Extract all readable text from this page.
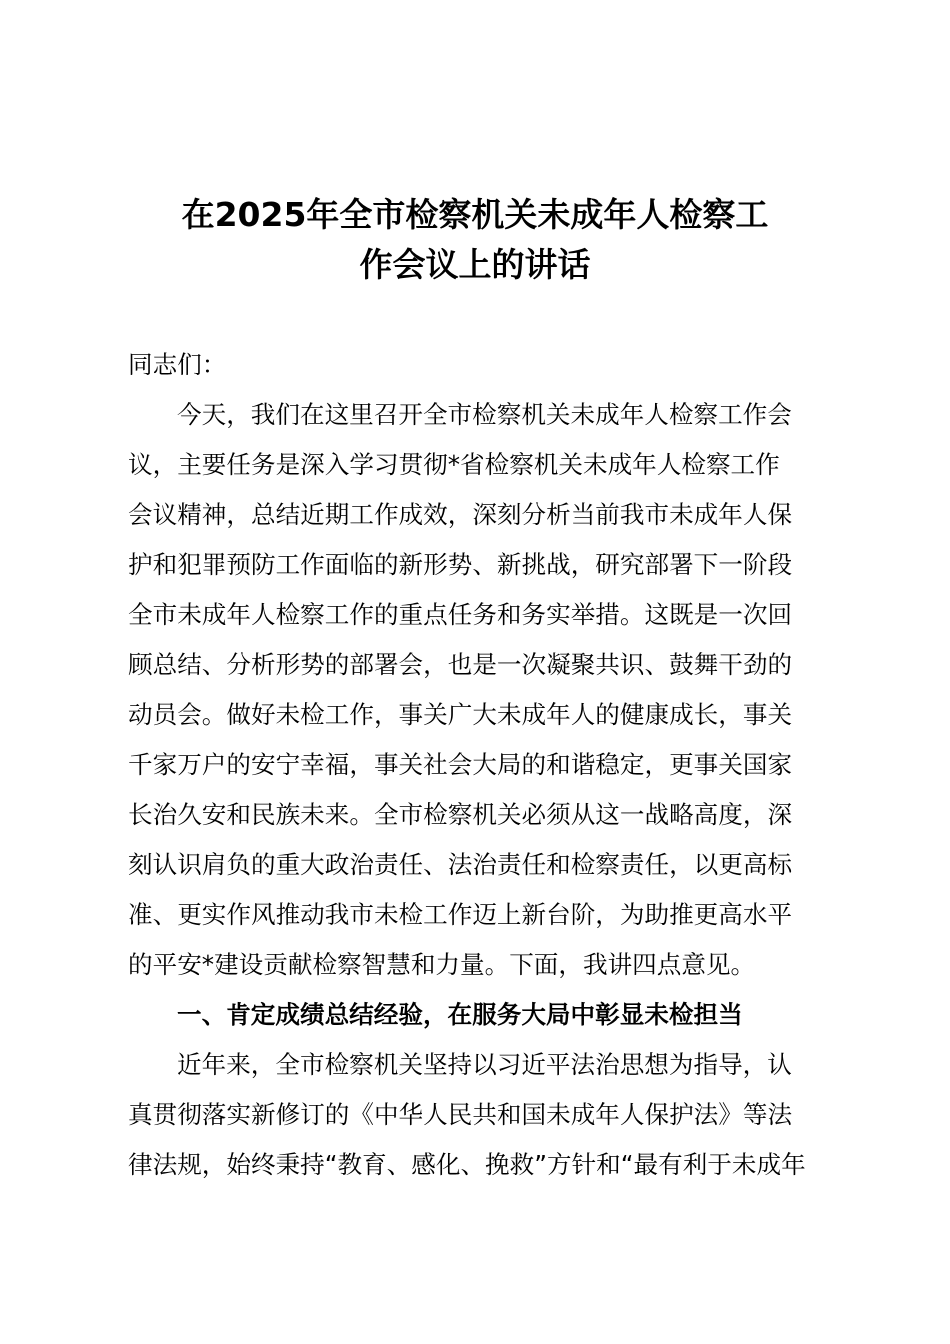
在2025年全市检察机关未成年人检察工
作会议上的讲话
同志们：
今天，我们在这里召开全市检察机关未成年人检察工作会
议，主要任务是深入学习贯彻*省检察机关未成年人检察工作
会议精神，总结近期工作成效，深刻分析当前我市未成年人保
护和犯罪预防工作面临的新形势、新挑战，研究部署下一阶段
全市未成年人检察工作的重点任务和务实举措。这既是一次回
顾总结、分析形势的部署会，也是一次凝聚共识、鼓舞干劲的
动员会。做好未检工作，事关广大未成年人的健康成长，事关
千家万户的安宁幸福，事关社会大局的和谐稳定，更事关国家
长治久安和民族未来。全市检察机关必须从这一战略高度，深
刻认识肩负的重大政治责任、法治责任和检察责任，以更高标
准、更实作风推动我市未检工作迈上新台阶，为助推更高水平
的平安*建设贡献检察智慧和力量。下面，我讲四点意见。
一、肯定成绩总结经验，在服务大局中彰显未检担当
近年来，全市检察机关坚持以习近平法治思想为指导，认
真贯彻落实新修订的《中华人民共和国未成年人保护法》等法
律法规，始终秉持“教育、感化、挽救”方针和“最有利于未成年
